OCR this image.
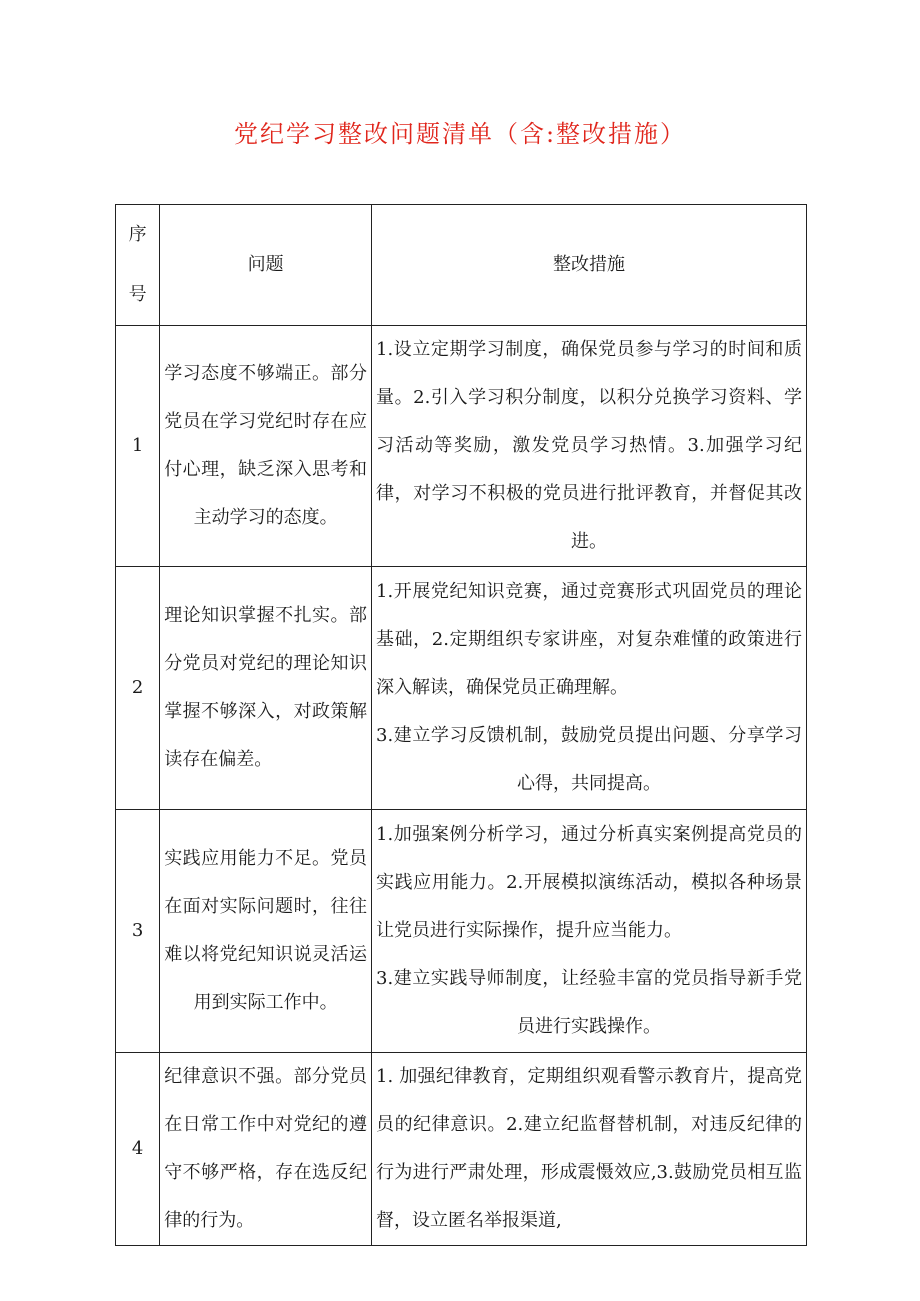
党纪学习整改问题清单（含:整改措施）
序号	问题	整改措施
1	学习态度不够端正。部分党员在学习党纪时存在应付心理，缺乏深入思考和主动学习的态度。	1.设立定期学习制度，确保党员参与学习的时间和质量。2.引入学习积分制度，以积分兑换学习资料、学习活动等奖励，激发党员学习热情。3.加强学习纪律，对学习不积极的党员进行批评教育，并督促其改进。

2	理论知识掌握不扎实。部分党员对党纪的理论知识掌握不够深入，对政策解读存在偏差。	1.开展党纪知识竞赛，通过竞赛形式巩固党员的理论基础，2.定期组织专家讲座，对复杂难懂的政策进行深入解读，确保党员正确理解。
3.建立学习反馈机制，鼓励党员提出问题、分享学习心得，共同提高。

3	实践应用能力不足。党员在面对实际问题时，往往难以将党纪知识说灵活运用到实际工作中。	1.加强案例分析学习，通过分析真实案例提高党员的实践应用能力。2.开展模拟演练活动，模拟各种场景让党员进行实际操作，提升应当能力。
3.建立实践导师制度，让经验丰富的党员指导新手党员进行实践操作。

4	纪律意识不强。部分党员在日常工作中对党纪的遵守不够严格，存在选反纪律的行为。	1. 加强纪律教育，定期组织观看警示教育片，提高党员的纪律意识。2.建立纪监督替机制，对违反纪律的行为进行严肃处理，形成震慑效应,3.鼓励党员相互监督，设立匿名举报渠道,
